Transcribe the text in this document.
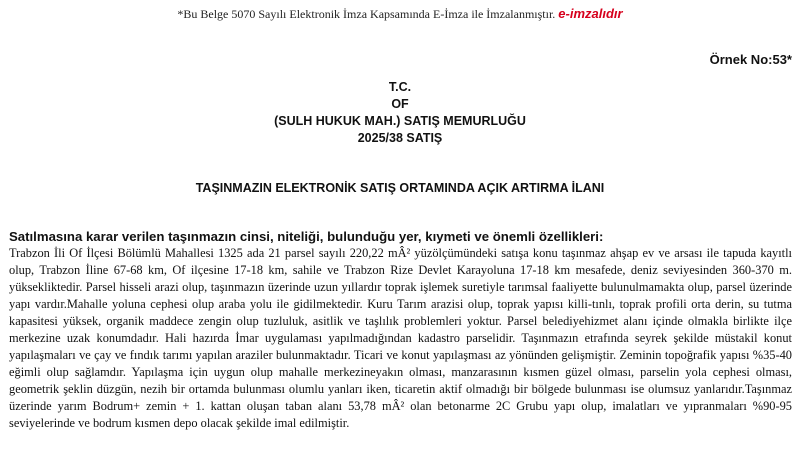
*Bu Belge 5070 Sayılı Elektronik İmza Kapsamında E-İmza ile İmzalanmıştır. e-imzalıdır
Örnek No:53*
T.C.
OF
(SULH HUKUK MAH.) SATIŞ MEMURLUĞU
2025/38 SATIŞ
TAŞINMAZIN ELEKTRONİK SATIŞ ORTAMINDA AÇIK ARTIRMA İLANI
Satılmasına karar verilen taşınmazın cinsi, niteliği, bulunduğu yer, kıymeti ve önemli özellikleri:
Trabzon İli Of İlçesi Bölümlü Mahallesi 1325 ada 21 parsel sayılı 220,22 mÂ² yüzölçümündeki satışa konu taşınmaz ahşap ev ve arsası ile tapuda kayıtlı olup, Trabzon İline 67-68 km, Of ilçesine 17-18 km, sahile ve Trabzon Rize Devlet Karayoluna 17-18 km mesafede, deniz seviyesinden 360-370 m. yüksekliktedir. Parsel hisseli arazi olup, taşınmazın üzerinde uzun yıllardır toprak işlemek suretiyle tarımsal faaliyette bulunulmamakta olup, parsel üzerinde yapı vardır.Mahalle yoluna cephesi olup araba yolu ile gidilmektedir. Kuru Tarım arazisi olup, toprak yapısı killi-tınlı, toprak profili orta derin, su tutma kapasitesi yüksek, organik maddece zengin olup tuzluluk, asitlik ve taşlılık problemleri yoktur. Parsel belediyehizmet alanı içinde olmakla birlikte ilçe merkezine uzak konumdadır. Hali hazırda İmar uygulaması yapılmadığından kadastro parselidir. Taşınmazın etrafında seyrek şekilde müstakil konut yapılaşmaları ve çay ve fındık tarımı yapılan araziler bulunmaktadır. Ticari ve konut yapılaşması az yönünden gelişmiştir. Zeminin topoğrafik yapısı %35-40 eğimli olup sağlamdır. Yapılaşma için uygun olup mahalle merkezineyakın olması, manzarasının kısmen güzel olması, parselin yola cephesi olması, geometrik şeklin düzgün, nezih bir ortamda bulunması olumlu yanları iken, ticaretin aktif olmadığı bir bölgede bulunması ise olumsuz yanlarıdır.Taşınmaz üzerinde yarım Bodrum+ zemin + 1. kattan oluşan taban alanı 53,78 mÂ² olan betonarme 2C Grubu yapı olup, imalatları ve yıpranmaları %90-95 seviyelerinde ve bodrum kısmen depo olacak şekilde imal edilmiştir.
